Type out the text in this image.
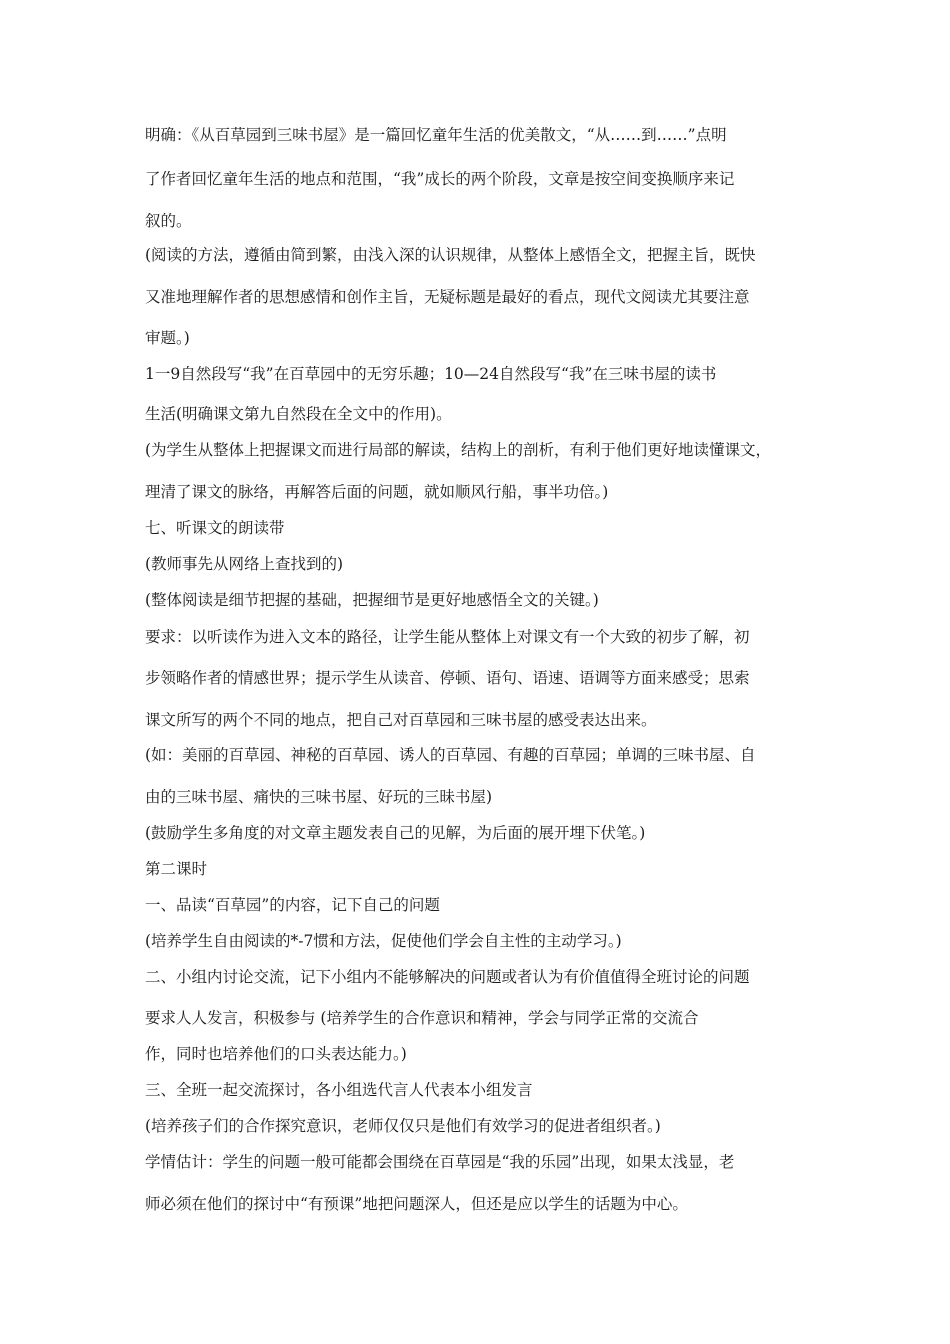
明确：《从百草园到三味书屋》是一篇回忆童年生活的优美散文，“从……到……”点明
了作者回忆童年生活的地点和范围，“我”成长的两个阶段，文章是按空间变换顺序来记
叙的。
(阅读的方法，遵循由简到繁，由浅入深的认识规律，从整体上感悟全文，把握主旨，既快
又准地理解作者的思想感情和创作主旨，无疑标题是最好的看点，现代文阅读尤其要注意
审题。)
1一9自然段写“我”在百草园中的无穷乐趣；10—24自然段写“我”在三味书屋的读书
生活(明确课文第九自然段在全文中的作用)。
(为学生从整体上把握课文而进行局部的解读，结构上的剖析，有利于他们更好地读懂课文，
理清了课文的脉络，再解答后面的问题，就如顺风行船，事半功倍。)
七、听课文的朗读带
(教师事先从网络上查找到的)
(整体阅读是细节把握的基础，把握细节是更好地感悟全文的关键。)
要求：以听读作为进入文本的路径，让学生能从整体上对课文有一个大致的初步了解，初
步领略作者的情感世界；提示学生从读音、停顿、语句、语速、语调等方面来感受；思索
课文所写的两个不同的地点，把自己对百草园和三味书屋的感受表达出来。
(如：美丽的百草园、神秘的百草园、诱人的百草园、有趣的百草园；单调的三味书屋、自
由的三味书屋、痛快的三味书屋、好玩的三昧书屋)
(鼓励学生多角度的对文章主题发表自己的见解，为后面的展开埋下伏笔。)
第二课时
一、品读“百草园”的内容，记下自己的问题
(培养学生自由阅读的*-7惯和方法，促使他们学会自主性的主动学习。)
二、小组内讨论交流，记下小组内不能够解决的问题或者认为有价值值得全班讨论的问题
要求人人发言，积极参与 (培养学生的合作意识和精神，学会与同学正常的交流合
作，同时也培养他们的口头表达能力。)
三、全班一起交流探讨，各小组选代言人代表本小组发言
(培养孩子们的合作探究意识，老师仅仅只是他们有效学习的促进者组织者。)
学情估计：学生的问题一般可能都会围绕在百草园是“我的乐园”出现，如果太浅显，老
师必须在他们的探讨中“有预课”地把问题深人，但还是应以学生的话题为中心。
